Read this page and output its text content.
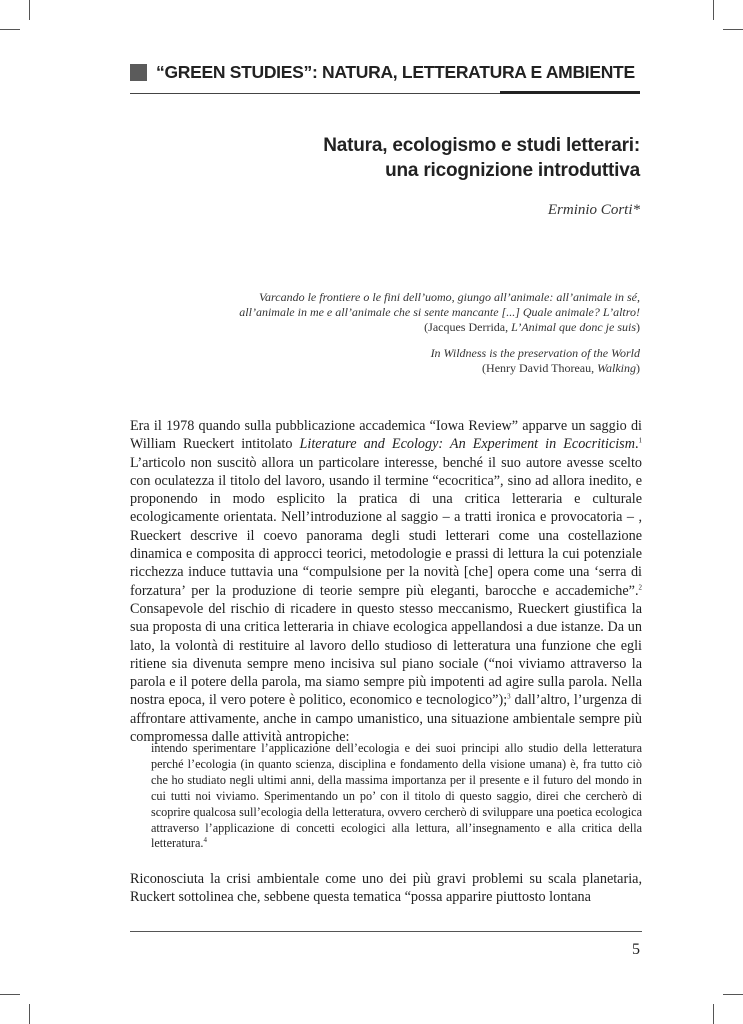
“GREEN STUDIES”: NATURA, LETTERATURA E AMBIENTE
Natura, ecologismo e studi letterari:
una ricognizione introduttiva
Erminio Corti*
Varcando le frontiere o le fini dell’uomo, giungo all’animale: all’animale in sé,
all’animale in me e all’animale che si sente mancante [...] Quale animale? L’altro!
(Jacques Derrida, L’Animal que donc je suis)
In Wildness is the preservation of the World
(Henry David Thoreau, Walking)

Era il 1978 quando sulla pubblicazione accademica “Iowa Review” apparve un saggio di William Rueckert intitolato Literature and Ecology: An Experiment in Ecocriticism.$^1$ L’articolo non suscitò allora un particolare interesse, benché il suo autore avesse scelto con oculatezza il titolo del lavoro, usando il termine “ecocritica”, sino ad allora inedito, e proponendo in modo esplicito la pratica di una critica letteraria e culturale ecologicamente orientata. Nell’introduzione al saggio – a tratti ironica e provocatoria – , Rueckert descrive il coevo panorama degli studi letterari come una costellazione dinamica e composita di approcci teorici, metodologie e prassi di lettura la cui potenziale ricchezza induce tuttavia una “compulsione per la novità [che] opera come una ‘serra di forzatura’ per la produzione di teorie sempre più eleganti, barocche e accademiche”.$^2$ Consapevole del rischio di ricadere in questo stesso meccanismo, Rueckert giustifica la sua proposta di una critica letteraria in chiave ecologica appellandosi a due istanze. Da un lato, la volontà di restituire al lavoro dello studioso di letteratura una funzione che egli ritiene sia divenuta sempre meno incisiva sul piano sociale (“noi viviamo attraverso la parola e il potere della parola, ma siamo sempre più impotenti ad agire sulla parola. Nella nostra epoca, il vero potere è politico, economico e tecnologico”);$^3$ dall’altro, l’urgenza di affrontare attivamente, anche in campo umanistico, una situazione ambientale sempre più compromessa dalle attività antropiche:

intendo sperimentare l’applicazione dell’ecologia e dei suoi principi allo studio della letteratura perché l’ecologia (in quanto scienza, disciplina e fondamento della visione umana) è, fra tutto ciò che ho studiato negli ultimi anni, della massima importanza per il presente e il futuro del mondo in cui tutti noi viviamo. Sperimentando un po’ con il titolo di questo saggio, direi che cercherò di scoprire qualcosa sull’ecologia della letteratura, ovvero cercherò di sviluppare una poetica ecologica attraverso l’applicazione di concetti ecologici alla lettura, all’insegnamento e alla critica della letteratura.$^4$

Riconosciuta la crisi ambientale come uno dei più gravi problemi su scala planetaria, Ruckert sottolinea che, sebbene questa tematica “possa apparire piuttosto lontana

5
